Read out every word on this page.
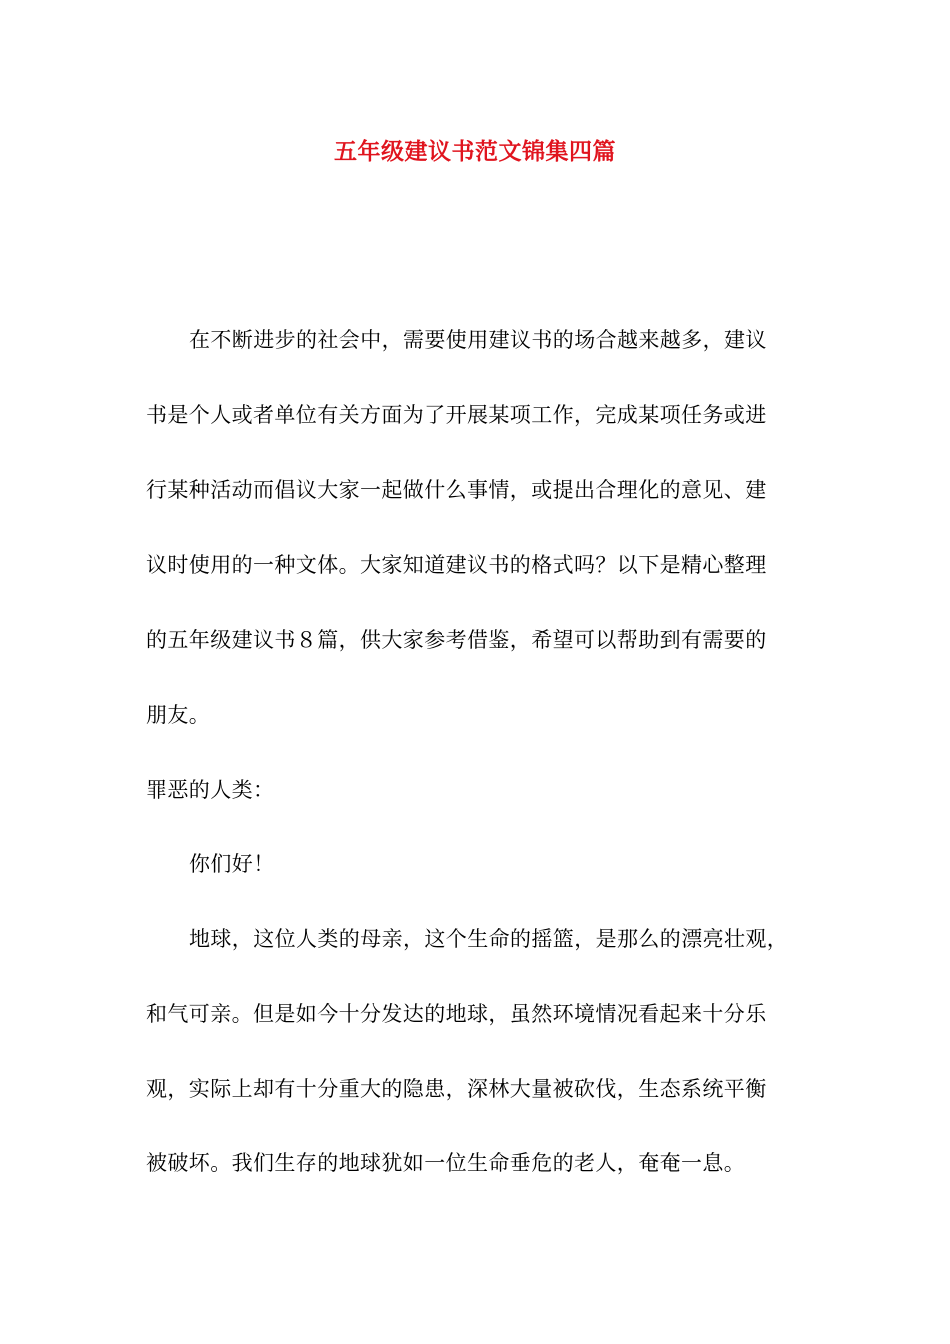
五年级建议书范文锦集四篇
在不断进步的社会中，需要使用建议书的场合越来越多，建议
书是个人或者单位有关方面为了开展某项工作，完成某项任务或进
行某种活动而倡议大家一起做什么事情，或提出合理化的意见、建
议时使用的一种文体。大家知道建议书的格式吗？以下是精心整理
的五年级建议书８篇，供大家参考借鉴，希望可以帮助到有需要的
朋友。
罪恶的人类：
你们好！
地球，这位人类的母亲，这个生命的摇篮，是那么的漂亮壮观，
和气可亲。但是如今十分发达的地球，虽然环境情况看起来十分乐
观，实际上却有十分重大的隐患，深林大量被砍伐，生态系统平衡
被破坏。我们生存的地球犹如一位生命垂危的老人，奄奄一息。
